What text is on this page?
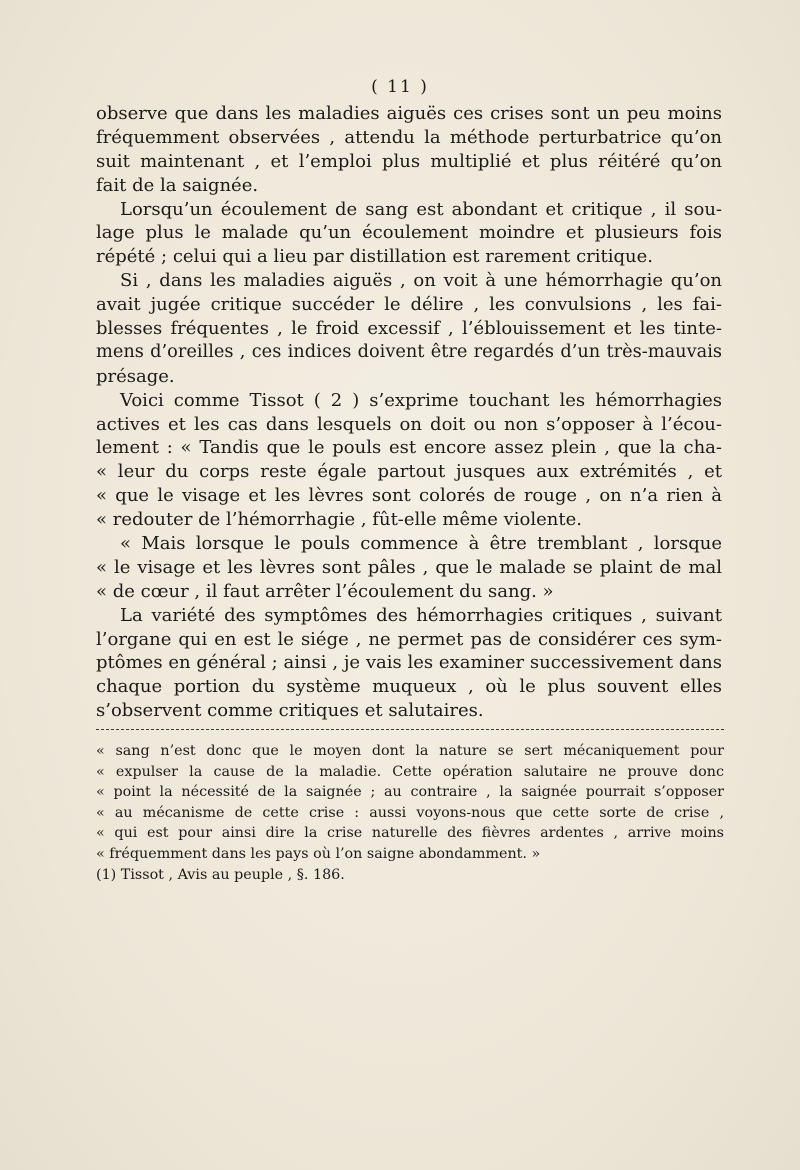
( 11 )
observe que dans les maladies aiguës ces crises sont un peu moins
fréquemment observées , attendu la méthode perturbatrice qu’on
suit maintenant , et l’emploi plus multiplié et plus réitéré qu’on
fait de la saignée.
Lorsqu’un écoulement de sang est abondant et critique , il sou-
lage plus le malade qu’un écoulement moindre et plusieurs fois
répété ; celui qui a lieu par distillation est rarement critique.
Si , dans les maladies aiguës , on voit à une hémorrhagie qu’on
avait jugée critique succéder le délire , les convulsions , les fai-
blesses fréquentes , le froid excessif , l’éblouissement et les tinte-
mens d’oreilles , ces indices doivent être regardés d’un très-mauvais
présage.
Voici comme Tissot ( 2 ) s’exprime touchant les hémorrhagies
actives et les cas dans lesquels on doit ou non s’opposer à l’écou-
lement : « Tandis que le pouls est encore assez plein , que la cha-
« leur du corps reste égale partout jusques aux extrémités , et
« que le visage et les lèvres sont colorés de rouge , on n’a rien à
« redouter de l’hémorrhagie , fût-elle même violente.
« Mais lorsque le pouls commence à être tremblant , lorsque
« le visage et les lèvres sont pâles , que le malade se plaint de mal
« de cœur , il faut arrêter l’écoulement du sang. »
La variété des symptômes des hémorrhagies critiques , suivant
l’organe qui en est le siége , ne permet pas de considérer ces sym-
ptômes en général ; ainsi , je vais les examiner successivement dans
chaque portion du système muqueux , où le plus souvent elles
s’observent comme critiques et salutaires.
« sang n’est donc que le moyen dont la nature se sert mécaniquement pour
« expulser la cause de la maladie. Cette opération salutaire ne prouve donc
« point la nécessité de la saignée ; au contraire , la saignée pourrait s’opposer
« au mécanisme de cette crise : aussi voyons-nous que cette sorte de crise ,
« qui est pour ainsi dire la crise naturelle des fièvres ardentes , arrive moins
« fréquemment dans les pays où l’on saigne abondamment. »
(1) Tissot , Avis au peuple , §. 186.
